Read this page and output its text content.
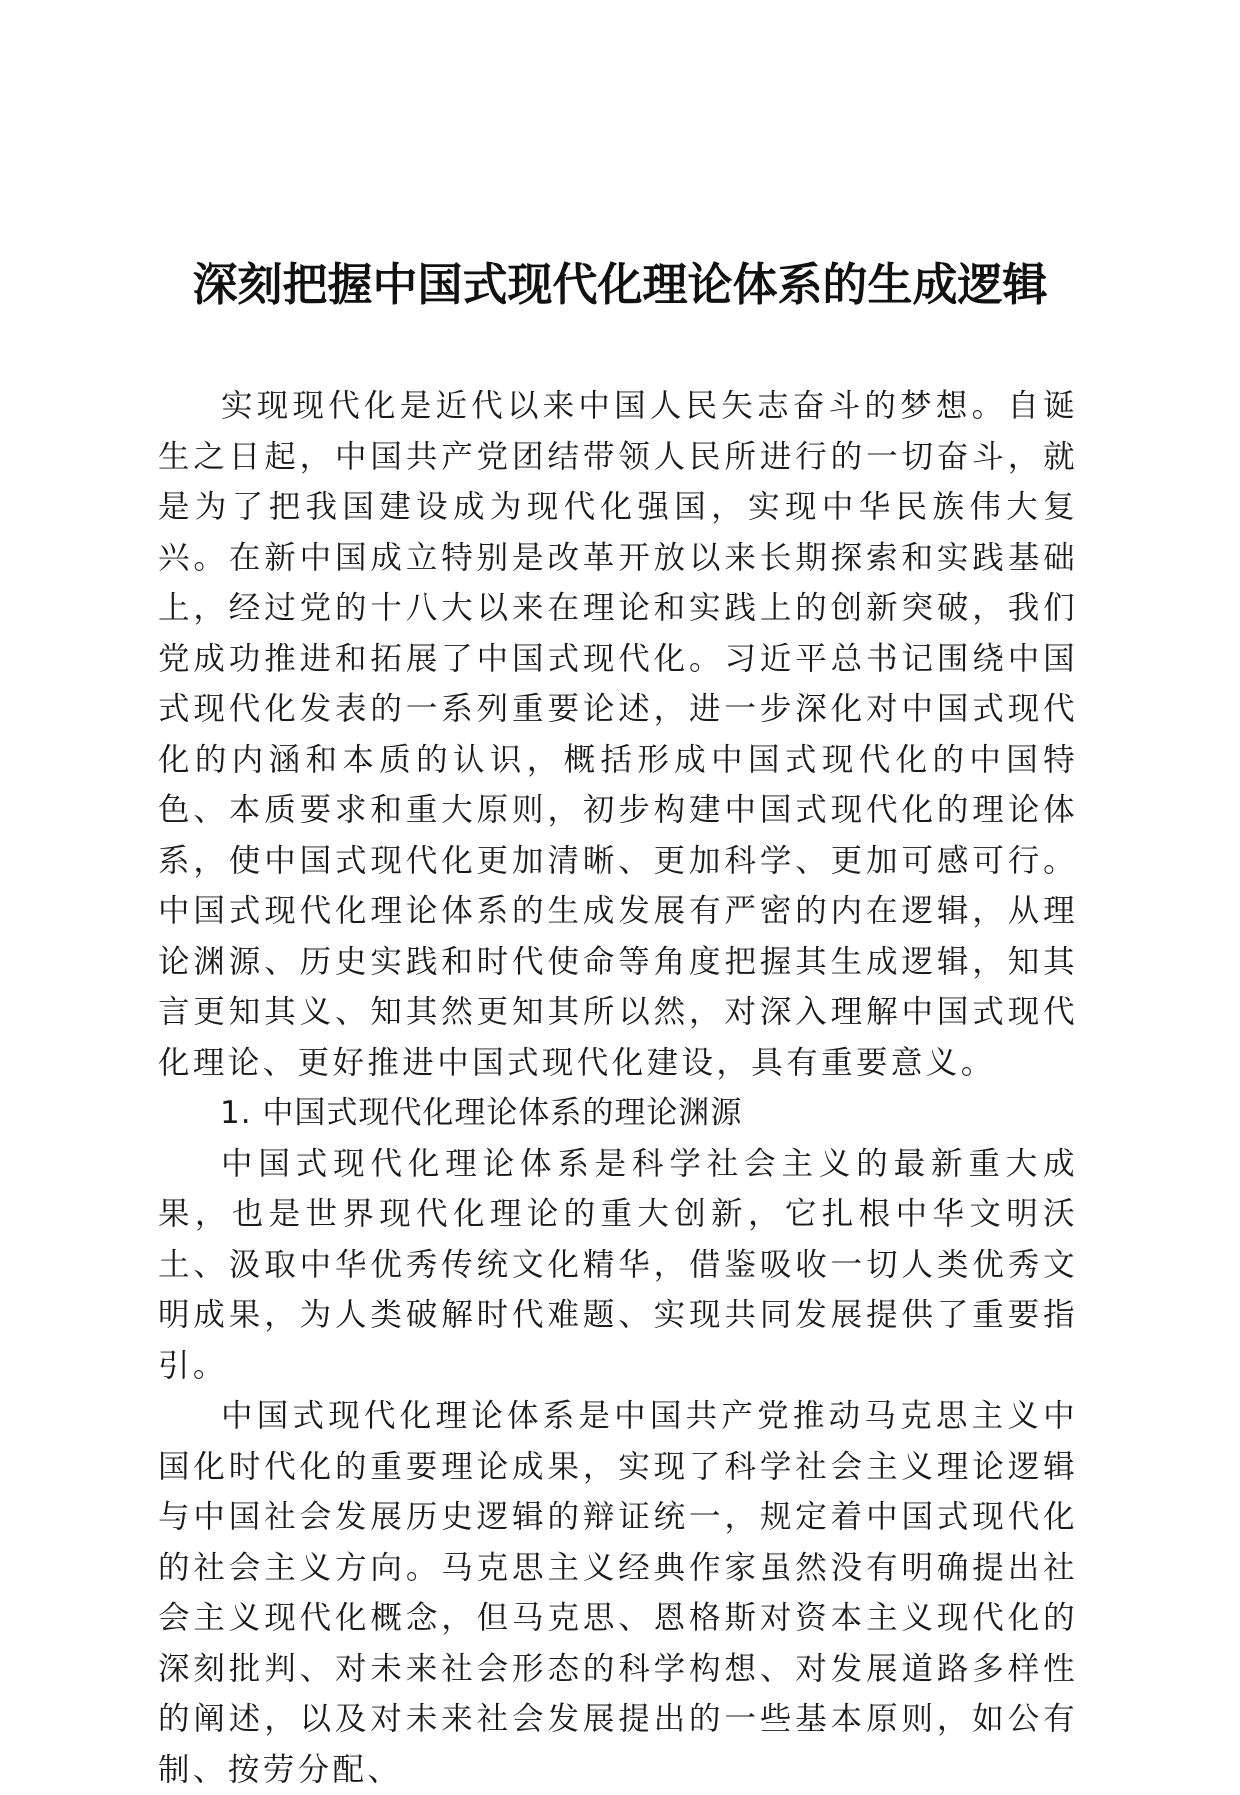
深刻把握中国式现代化理论体系的生成逻辑

实现现代化是近代以来中国人民矢志奋斗的梦想。自诞生之日起，中国共产党团结带领人民所进行的一切奋斗，就是为了把我国建设成为现代化强国，实现中华民族伟大复兴。在新中国成立特别是改革开放以来长期探索和实践基础上，经过党的十八大以来在理论和实践上的创新突破，我们党成功推进和拓展了中国式现代化。习近平总书记围绕中国式现代化发表的一系列重要论述，进一步深化对中国式现代化的内涵和本质的认识，概括形成中国式现代化的中国特色、本质要求和重大原则，初步构建中国式现代化的理论体系，使中国式现代化更加清晰、更加科学、更加可感可行。中国式现代化理论体系的生成发展有严密的内在逻辑，从理论渊源、历史实践和时代使命等角度把握其生成逻辑，知其言更知其义、知其然更知其所以然，对深入理解中国式现代化理论、更好推进中国式现代化建设，具有重要意义。

1. 中国式现代化理论体系的理论渊源

中国式现代化理论体系是科学社会主义的最新重大成果，也是世界现代化理论的重大创新，它扎根中华文明沃土、汲取中华优秀传统文化精华，借鉴吸收一切人类优秀文明成果，为人类破解时代难题、实现共同发展提供了重要指引。

中国式现代化理论体系是中国共产党推动马克思主义中国化时代化的重要理论成果，实现了科学社会主义理论逻辑与中国社会发展历史逻辑的辩证统一，规定着中国式现代化的社会主义方向。马克思主义经典作家虽然没有明确提出社会主义现代化概念，但马克思、恩格斯对资本主义现代化的深刻批判、对未来社会形态的科学构想、对发展道路多样性的阐述，以及对未来社会发展提出的一些基本原则，如公有制、按劳分配、
